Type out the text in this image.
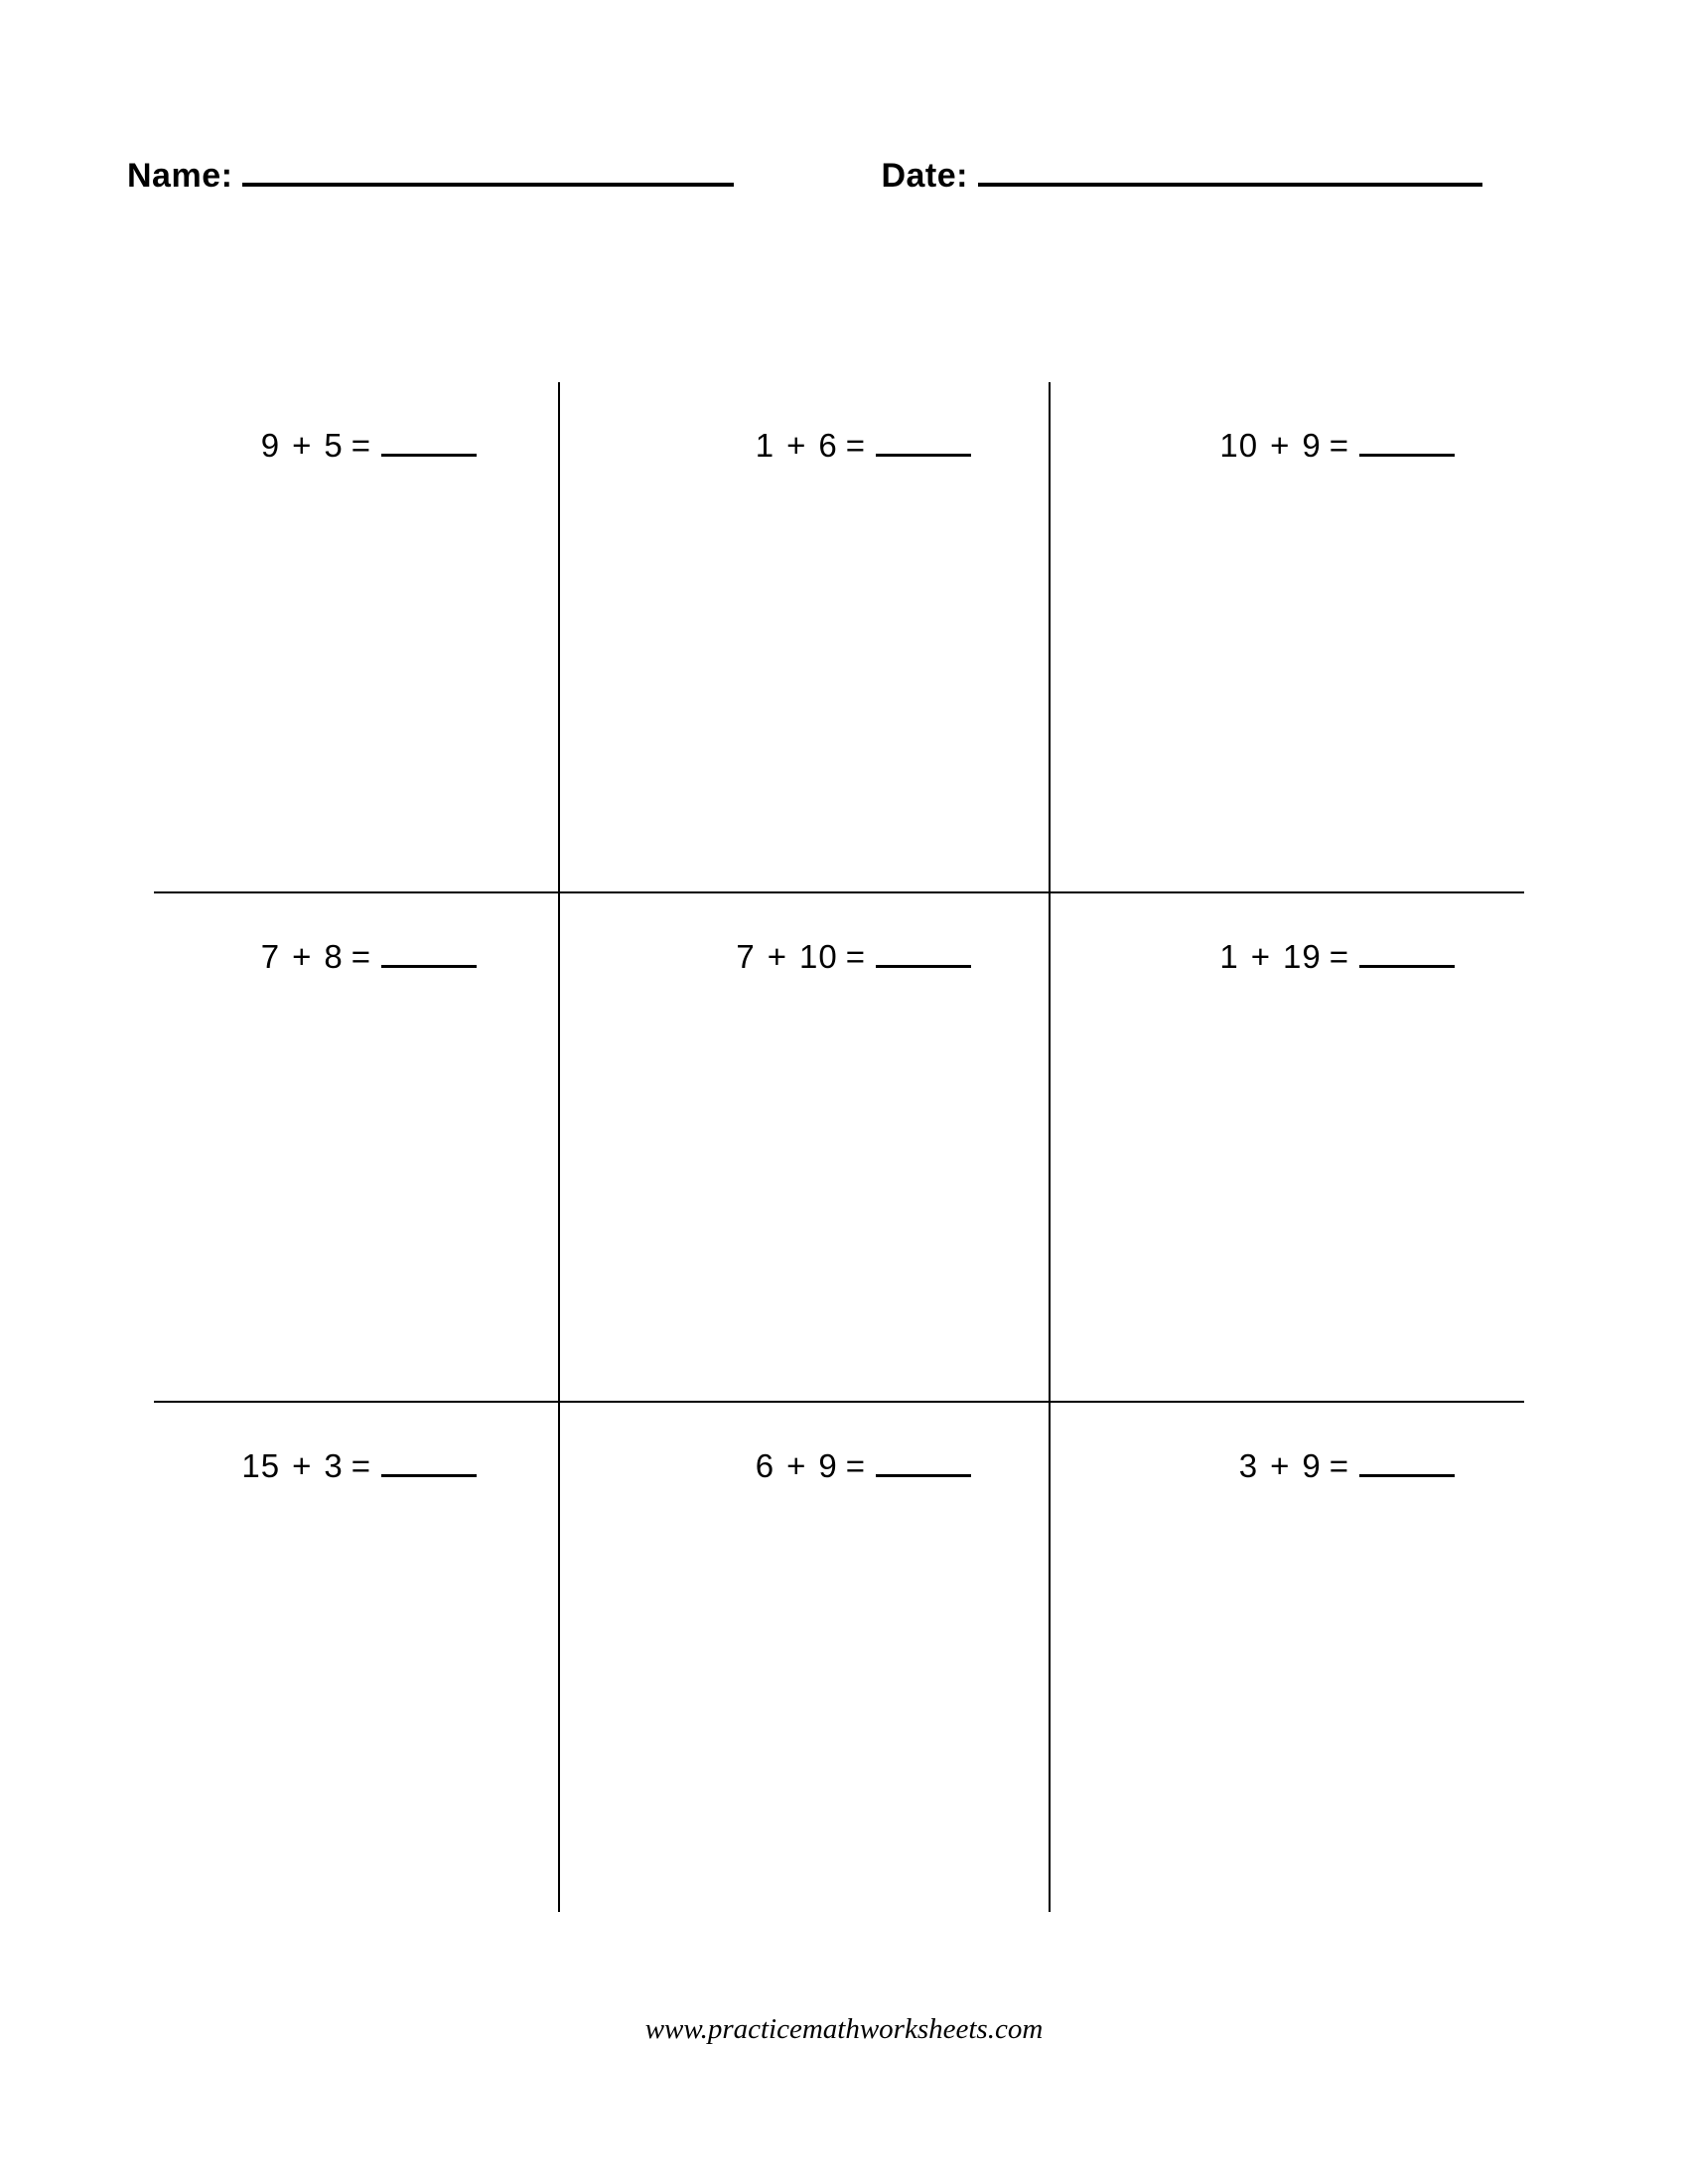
Name:	Date:
9 + 5 =	1 + 6 =	10 + 9 =
7 + 8 =	7 + 10 =	1 + 19 =
15 + 3 =	6 + 9 =	3 + 9 =
www.practicemathworksheets.com
